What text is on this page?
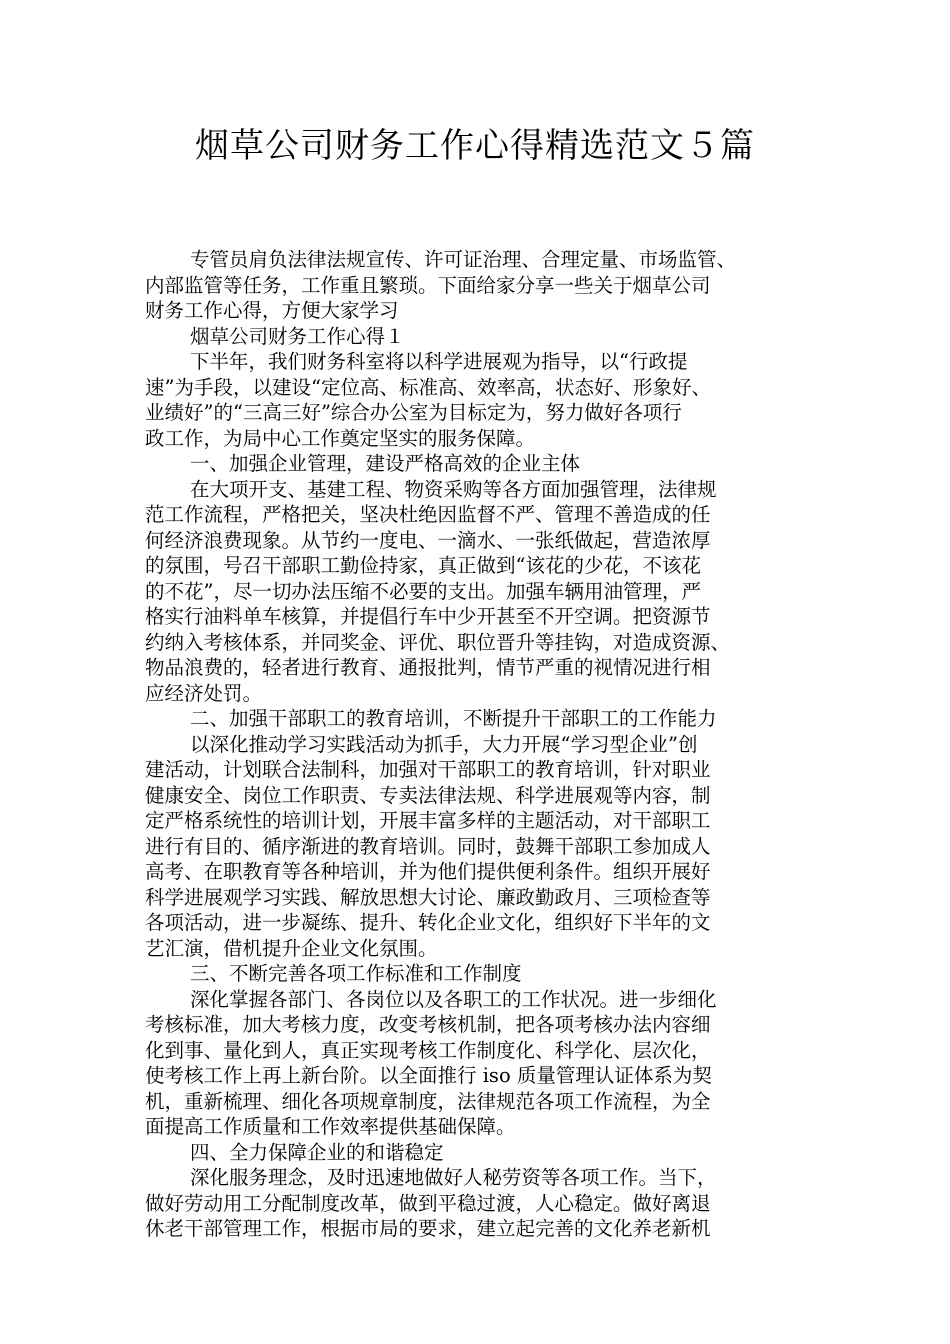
烟草公司财务工作心得精选范文５篇
专管员肩负法律法规宣传、许可证治理、合理定量、市场监管、
内部监管等任务，工作重且繁琐。下面给家分享一些关于烟草公司
财务工作心得，方便大家学习
烟草公司财务工作心得１
下半年，我们财务科室将以科学进展观为指导，以“行政提
速”为手段，以建设“定位高、标准高、效率高，状态好、形象好、
业绩好”的“三高三好”综合办公室为目标定为，努力做好各项行
政工作，为局中心工作奠定坚实的服务保障。
一、加强企业管理，建设严格高效的企业主体
在大项开支、基建工程、物资采购等各方面加强管理，法律规
范工作流程，严格把关，坚决杜绝因监督不严、管理不善造成的任
何经济浪费现象。从节约一度电、一滴水、一张纸做起，营造浓厚
的氛围，号召干部职工勤俭持家，真正做到“该花的少花，不该花
的不花”，尽一切办法压缩不必要的支出。加强车辆用油管理，严
格实行油料单车核算，并提倡行车中少开甚至不开空调。把资源节
约纳入考核体系，并同奖金、评优、职位晋升等挂钩，对造成资源、
物品浪费的，轻者进行教育、通报批判，情节严重的视情况进行相
应经济处罚。
二、加强干部职工的教育培训，不断提升干部职工的工作能力
以深化推动学习实践活动为抓手，大力开展“学习型企业”创
建活动，计划联合法制科，加强对干部职工的教育培训，针对职业
健康安全、岗位工作职责、专卖法律法规、科学进展观等内容，制
定严格系统性的培训计划，开展丰富多样的主题活动，对干部职工
进行有目的、循序渐进的教育培训。同时，鼓舞干部职工参加成人
高考、在职教育等各种培训，并为他们提供便利条件。组织开展好
科学进展观学习实践、解放思想大讨论、廉政勤政月、三项检查等
各项活动，进一步凝练、提升、转化企业文化，组织好下半年的文
艺汇演，借机提升企业文化氛围。
三、不断完善各项工作标准和工作制度
深化掌握各部门、各岗位以及各职工的工作状况。进一步细化
考核标准，加大考核力度，改变考核机制，把各项考核办法内容细
化到事、量化到人，真正实现考核工作制度化、科学化、层次化，
使考核工作上再上新台阶。以全面推行 iso 质量管理认证体系为契
机，重新梳理、细化各项规章制度，法律规范各项工作流程，为全
面提高工作质量和工作效率提供基础保障。
四、全力保障企业的和谐稳定
深化服务理念，及时迅速地做好人秘劳资等各项工作。当下，
做好劳动用工分配制度改革，做到平稳过渡，人心稳定。做好离退
休老干部管理工作，根据市局的要求，建立起完善的文化养老新机
